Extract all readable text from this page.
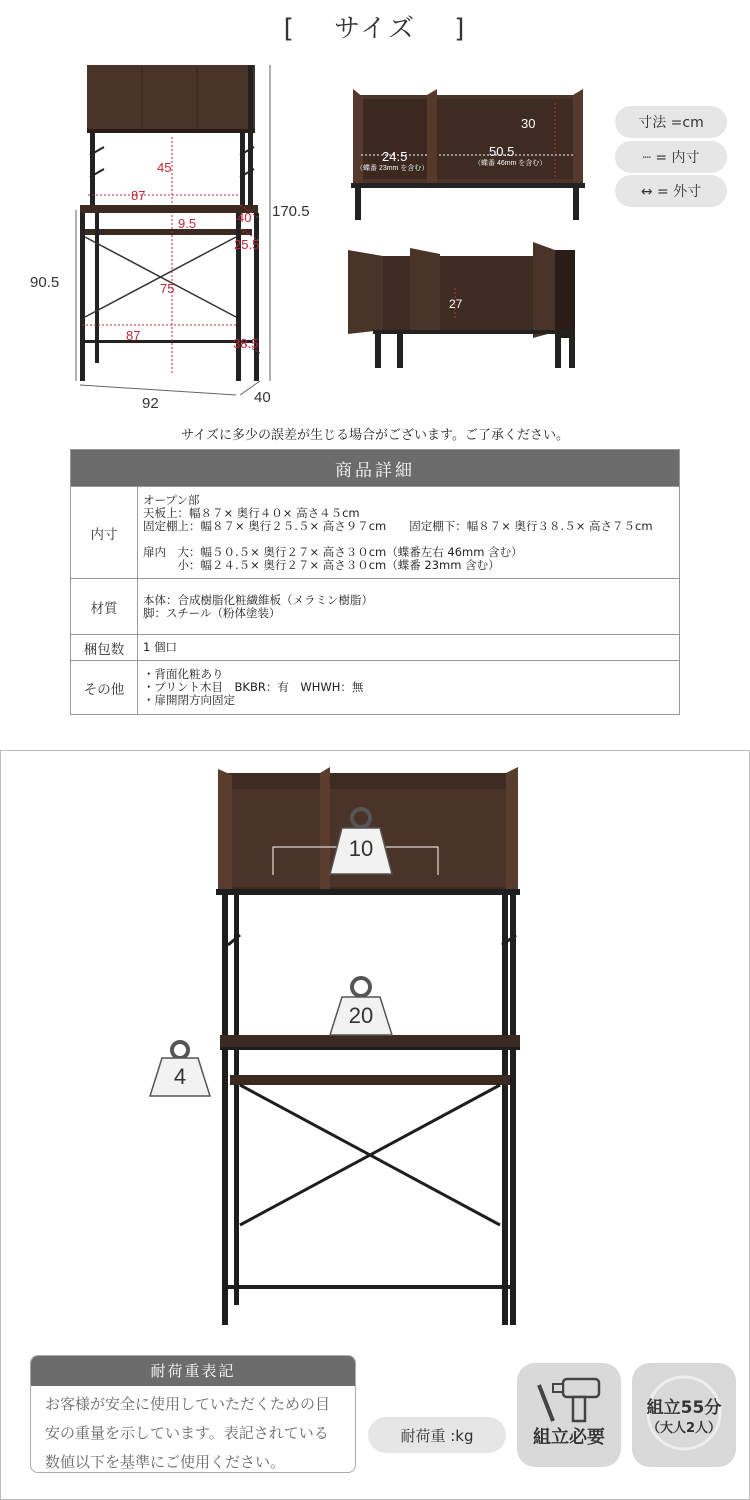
[　 サイズ　 ]
45
87
9.5	40
25.5
170.5
90.5	75
87
38.5
92	40
24.5
（蝶番 23mm を含む）
50.5
（蝶番 46mm を含む）
30
27
寸法 =cm
┈ = 内寸
↔ = 外寸
サイズに多少の誤差が生じる場合がございます。ご了承ください。
商品詳細	
内寸	オープン部
天板上：幅８７× 奥行４０× 高さ４５cm
固定棚上：幅８７× 奥行２５.５× 高さ９７cm　　固定棚下：幅８７× 奥行３８.５× 高さ７５cm

扉内　大：幅５０.５× 奥行２７× 高さ３０cm（蝶番左右 46mm 含む）
　　　小：幅２４.５× 奥行２７× 高さ３０cm（蝶番 23mm 含む）
材質	本体：合成樹脂化粧繊維板（メラミン樹脂）
脚：スチール（粉体塗装）
梱包数	1 個口
その他	・背面化粧あり
・プリント木目　BKBR：有　WHWH：無
・扉開閉方向固定
10
20
4
耐荷重表記
お客様が安全に使用していただくための目安の重量を示しています。表記されている数値以下を基準にご使用ください。
耐荷重 :kg	組立必要
組立55分
（大人2人）
